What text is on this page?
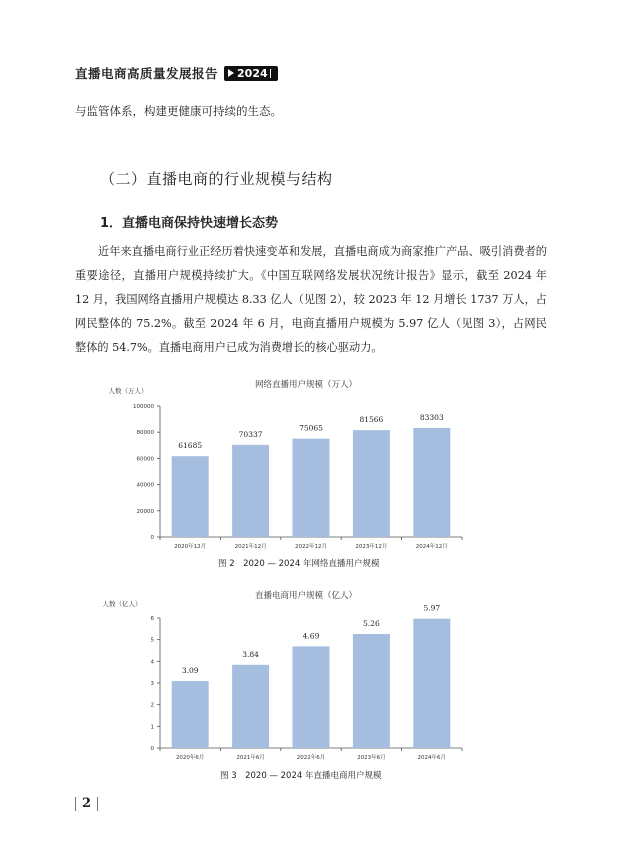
直播电商高质量发展报告 2024
与监管体系，构建更健康可持续的生态。
（二）直播电商的行业规模与结构
1．直播电商保持快速增长态势

近年来直播电商行业正经历着快速变革和发展，直播电商成为商家推广产品、吸引消费者的重要途径，直播用户规模持续扩大。《中国互联网络发展状况统计报告》显示，截至 2024 年 12 月，我国网络直播用户规模达 8.33 亿人（见图 2），较 2023 年 12 月增长 1737 万人，占网民整体的 75.2%。截至 2024 年 6 月，电商直播用户规模为 5.97 亿人（见图 3），占网民整体的 54.7%。直播电商用户已成为消费增长的核心驱动力。

网络直播用户规模（万人）
人数（万人）
0
20000
40000
60000
80000
100000
61685
2020年12月
70337
2021年12月
75065
2022年12月
81566
2023年12月
83303
2024年12月
直播电商用户规模（亿人）
人数（亿人）
0
1
2
3
4
5
6
3.09
2020年6月
3.84
2021年6月
4.69
2022年6月
5.26
2023年6月
5.97
2024年6月
图 2　2020 — 2024 年网络直播用户规模
图 3　2020 — 2024 年直播电商用户规模
2
